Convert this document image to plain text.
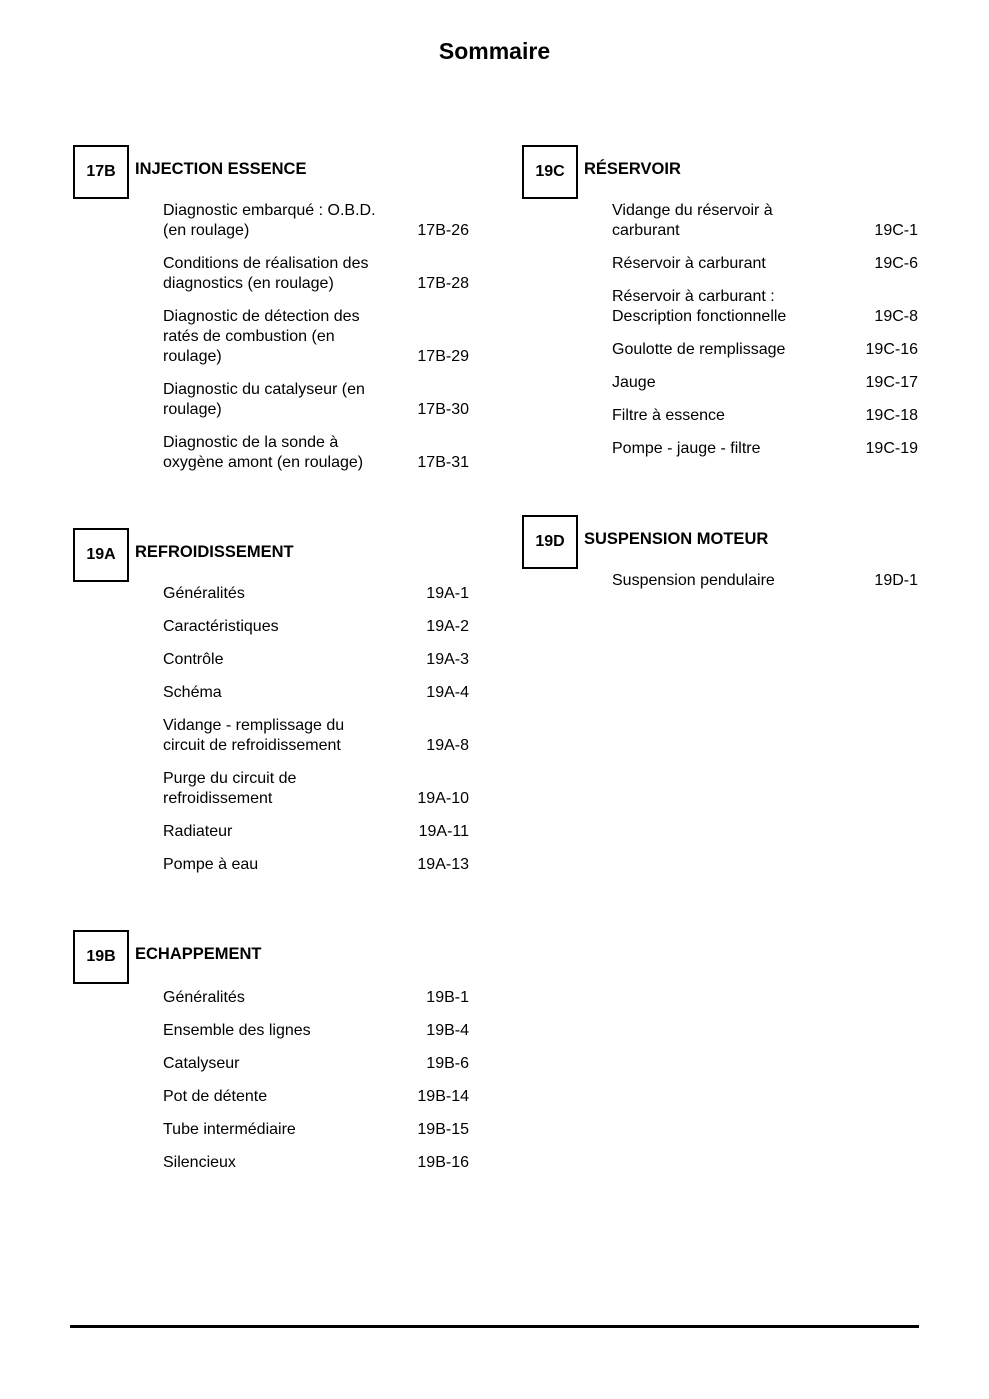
Sommaire
17B	INJECTION ESSENCE
Diagnostic embarqué : O.B.D.
(en roulage)	17B-26
Conditions de réalisation des
diagnostics (en roulage)	17B-28
Diagnostic de détection des
ratés de combustion (en
roulage)	17B-29
Diagnostic du catalyseur (en
roulage)	17B-30
Diagnostic de la sonde à
oxygène amont (en roulage)	17B-31
19A	REFROIDISSEMENT
Généralités	19A-1
Caractéristiques	19A-2
Contrôle	19A-3
Schéma	19A-4
Vidange - remplissage du
circuit de refroidissement	19A-8
Purge du circuit de
refroidissement	19A-10
Radiateur	19A-11
Pompe à eau	19A-13
19B	ECHAPPEMENT
Généralités	19B-1
Ensemble des lignes	19B-4
Catalyseur	19B-6
Pot de détente	19B-14
Tube intermédiaire	19B-15
Silencieux	19B-16
19C	RÉSERVOIR
Vidange du réservoir à
carburant	19C-1
Réservoir à carburant	19C-6
Réservoir à carburant :
Description fonctionnelle	19C-8
Goulotte de remplissage	19C-16
Jauge	19C-17
Filtre à essence	19C-18
Pompe - jauge - filtre	19C-19
19D	SUSPENSION MOTEUR
Suspension pendulaire	19D-1
